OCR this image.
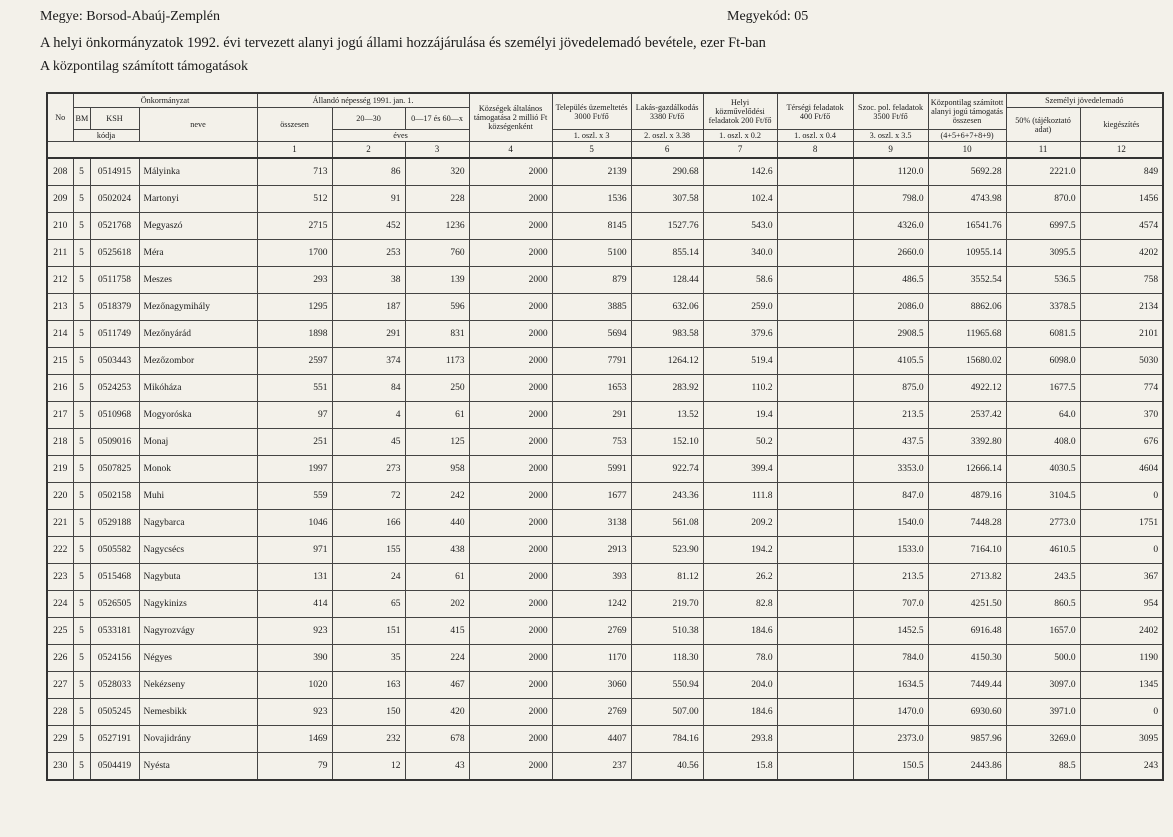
Megye: Borsod-Abaúj-Zemplén	Megyekód: 05
A helyi önkormányzatok 1992. évi tervezett alanyi jogú állami hozzájárulása és személyi jövedelemadó bevétele, ezer Ft-ban
A központilag számított támogatások
No	Önkormányzat			Állandó népesség 1991. jan. 1.			Községek általános támogatása 2 millió Ft községenként	Település üzemeltetés 3000 Ft/fő	Lakás-gazdálkodás 3380 Ft/fő	Helyi közművelődési feladatok 200 Ft/fő	Térségi feladatok 400 Ft/fő	Szoc. pol. feladatok 3500 Ft/fő	Központilag számított alanyi jogú támogatás összesen	Személyi jövedelemadó	
	BM	KSH	neve	összesen	20—30	0—17 és 60—x								50% (tájékoztató adat)	kiegészítés
	kódja				éves			1. oszl. x 3	2. oszl. x 3.38	1. oszl. x 0.2	1. oszl. x 0.4	3. oszl. x 3.5	(4+5+6+7+8+9)		
				1	2	3	4	5	6	7	8	9	10	11	12
208	5	0514915	Mályinka	713	86	320	2000	2139	290.68	142.6		1120.0	5692.28	2221.0	849
209	5	0502024	Martonyi	512	91	228	2000	1536	307.58	102.4		798.0	4743.98	870.0	1456
210	5	0521768	Megyaszó	2715	452	1236	2000	8145	1527.76	543.0		4326.0	16541.76	6997.5	4574
211	5	0525618	Méra	1700	253	760	2000	5100	855.14	340.0		2660.0	10955.14	3095.5	4202
212	5	0511758	Meszes	293	38	139	2000	879	128.44	58.6		486.5	3552.54	536.5	758
213	5	0518379	Mezőnagymihály	1295	187	596	2000	3885	632.06	259.0		2086.0	8862.06	3378.5	2134
214	5	0511749	Mezőnyárád	1898	291	831	2000	5694	983.58	379.6		2908.5	11965.68	6081.5	2101
215	5	0503443	Mezőzombor	2597	374	1173	2000	7791	1264.12	519.4		4105.5	15680.02	6098.0	5030
216	5	0524253	Mikóháza	551	84	250	2000	1653	283.92	110.2		875.0	4922.12	1677.5	774
217	5	0510968	Mogyoróska	97	4	61	2000	291	13.52	19.4		213.5	2537.42	64.0	370
218	5	0509016	Monaj	251	45	125	2000	753	152.10	50.2		437.5	3392.80	408.0	676
219	5	0507825	Monok	1997	273	958	2000	5991	922.74	399.4		3353.0	12666.14	4030.5	4604
220	5	0502158	Muhi	559	72	242	2000	1677	243.36	111.8		847.0	4879.16	3104.5	0
221	5	0529188	Nagybarca	1046	166	440	2000	3138	561.08	209.2		1540.0	7448.28	2773.0	1751
222	5	0505582	Nagycsécs	971	155	438	2000	2913	523.90	194.2		1533.0	7164.10	4610.5	0
223	5	0515468	Nagybuta	131	24	61	2000	393	81.12	26.2		213.5	2713.82	243.5	367
224	5	0526505	Nagykinizs	414	65	202	2000	1242	219.70	82.8		707.0	4251.50	860.5	954
225	5	0533181	Nagyrozvágy	923	151	415	2000	2769	510.38	184.6		1452.5	6916.48	1657.0	2402
226	5	0524156	Négyes	390	35	224	2000	1170	118.30	78.0		784.0	4150.30	500.0	1190
227	5	0528033	Nekézseny	1020	163	467	2000	3060	550.94	204.0		1634.5	7449.44	3097.0	1345
228	5	0505245	Nemesbikk	923	150	420	2000	2769	507.00	184.6		1470.0	6930.60	3971.0	0
229	5	0527191	Novajidrány	1469	232	678	2000	4407	784.16	293.8		2373.0	9857.96	3269.0	3095
230	5	0504419	Nyésta	79	12	43	2000	237	40.56	15.8		150.5	2443.86	88.5	243
